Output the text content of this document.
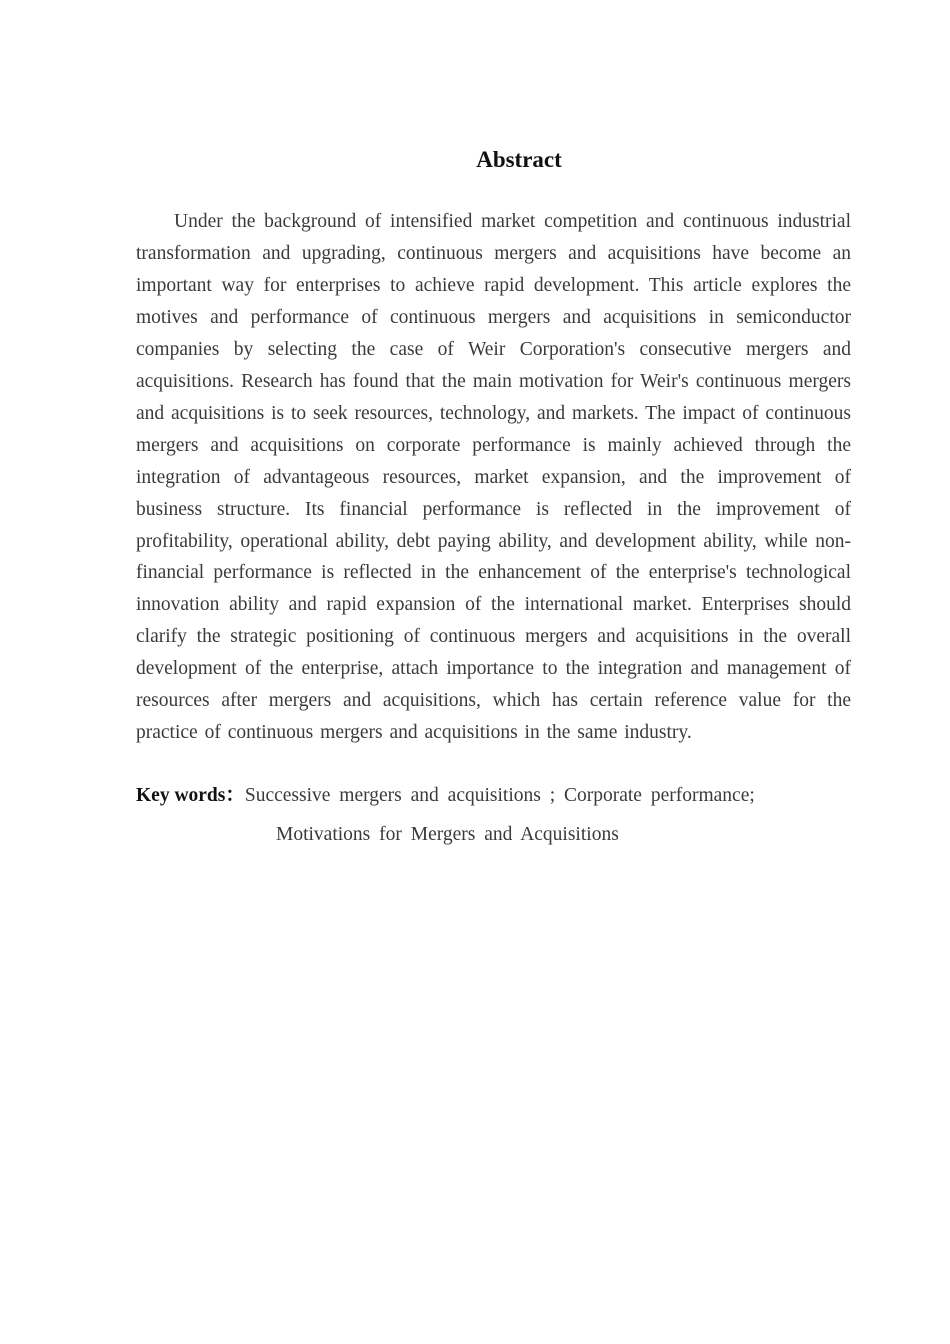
Abstract

Under the background of intensified market competition and continuous industrial transformation and upgrading, continuous mergers and acquisitions have become an important way for enterprises to achieve rapid development. This article explores the motives and performance of continuous mergers and acquisitions in semiconductor companies by selecting the case of Weir Corporation's consecutive mergers and acquisitions. Research has found that the main motivation for Weir's continuous mergers and acquisitions is to seek resources, technology, and markets. The impact of continuous mergers and acquisitions on corporate performance is mainly achieved through the integration of advantageous resources, market expansion, and the improvement of business structure. Its financial performance is reflected in the improvement of profitability, operational ability, debt paying ability, and development ability, while non-financial performance is reflected in the enhancement of the enterprise's technological innovation ability and rapid expansion of the international market. Enterprises should clarify the strategic positioning of continuous mergers and acquisitions in the overall development of the enterprise, attach importance to the integration and management of resources after mergers and acquisitions, which has certain reference value for the practice of continuous mergers and acquisitions in the same industry.

Key words：Successive mergers and acquisitions ; Corporate performance;
Motivations for Mergers and Acquisitions
